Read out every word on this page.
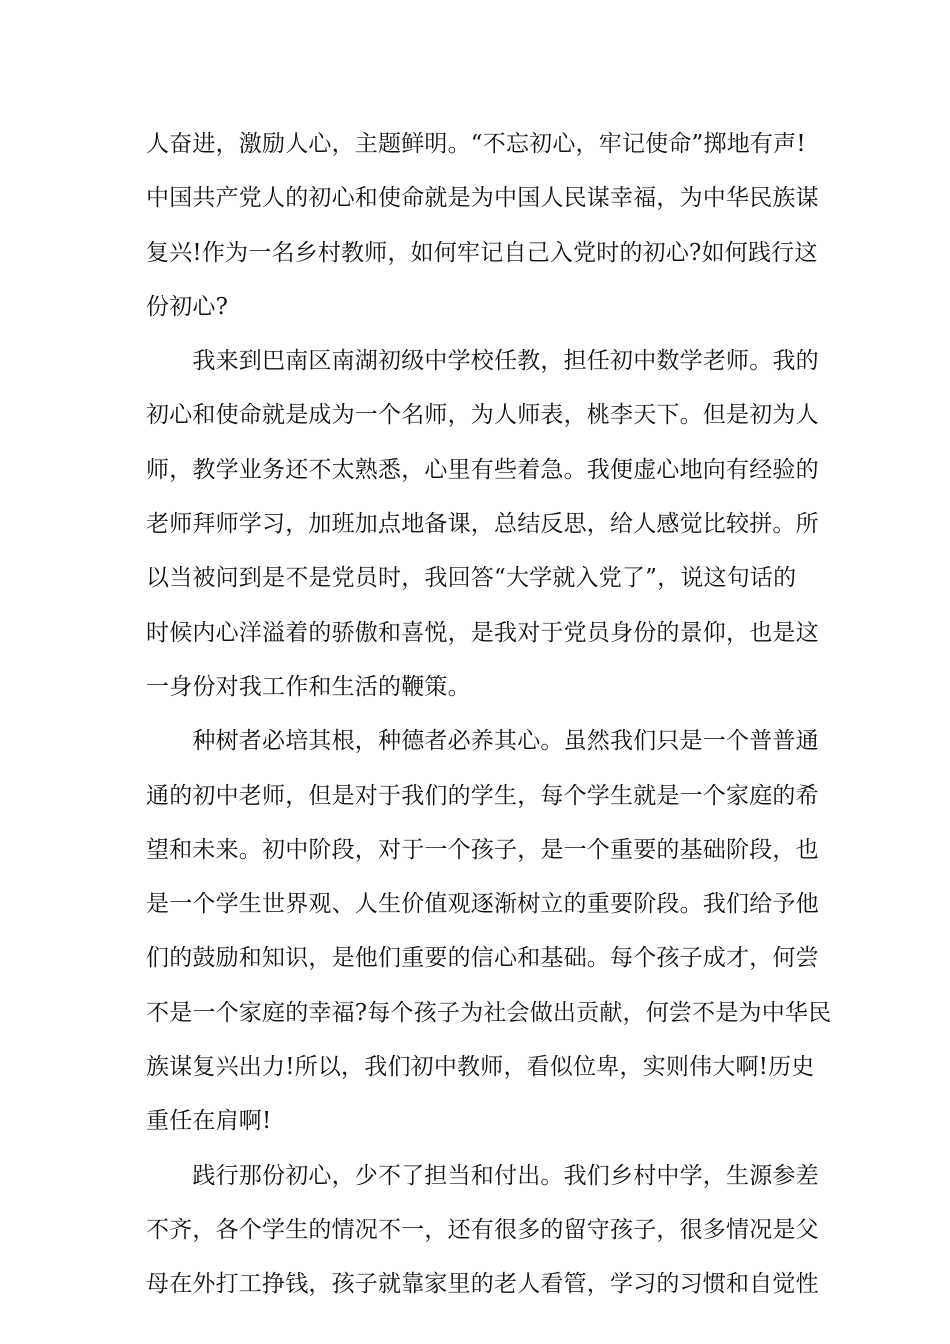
人奋进，激励人心，主题鲜明。“不忘初心，牢记使命”掷地有声!
中国共产党人的初心和使命就是为中国人民谋幸福，为中华民族谋
复兴!作为一名乡村教师，如何牢记自己入党时的初心?如何践行这
份初心?
　　我来到巴南区南湖初级中学校任教，担任初中数学老师。我的
初心和使命就是成为一个名师，为人师表，桃李天下。但是初为人
师，教学业务还不太熟悉，心里有些着急。我便虚心地向有经验的
老师拜师学习，加班加点地备课，总结反思，给人感觉比较拼。所
以当被问到是不是党员时，我回答“大学就入党了”，说这句话的
时候内心洋溢着的骄傲和喜悦，是我对于党员身份的景仰，也是这
一身份对我工作和生活的鞭策。
　　种树者必培其根，种德者必养其心。虽然我们只是一个普普通
通的初中老师，但是对于我们的学生，每个学生就是一个家庭的希
望和未来。初中阶段，对于一个孩子，是一个重要的基础阶段，也
是一个学生世界观、人生价值观逐渐树立的重要阶段。我们给予他
们的鼓励和知识，是他们重要的信心和基础。每个孩子成才，何尝
不是一个家庭的幸福?每个孩子为社会做出贡献，何尝不是为中华民
族谋复兴出力!所以，我们初中教师，看似位卑，实则伟大啊!历史
重任在肩啊!
　　践行那份初心，少不了担当和付出。我们乡村中学，生源参差
不齐，各个学生的情况不一，还有很多的留守孩子，很多情况是父
母在外打工挣钱，孩子就靠家里的老人看管，学习的习惯和自觉性
